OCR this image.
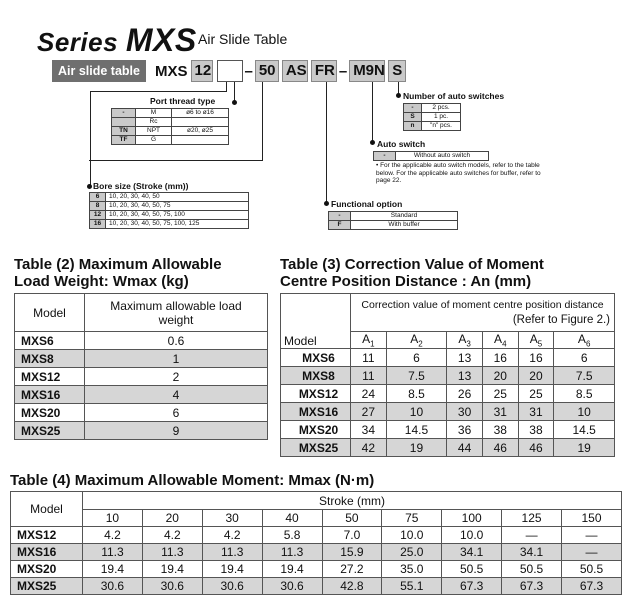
Series MXS Air Slide Table
Air slide table	MXS 12 – 50 AS FR – M9N S
Port thread type
-	M	ø6 to ø16
	Rc	
TN	NPT	ø20, ø25
TF	G	
Bore size (Stroke (mm))
6	10, 20, 30, 40, 50
8	10, 20, 30, 40, 50, 75
12	10, 20, 30, 40, 50, 75, 100
16	10, 20, 30, 40, 50, 75, 100, 125
Functional option
-	Standard
F	With buffer
Number of auto switches
-	2 pcs.
S	1 pc.
n	"n" pcs.
Auto switch
-	Without auto switch
• For the applicable auto switch models, refer to the table below. For the applicable auto switches for buffer, refer to page 22.
Table (2) Maximum Allowable
Load Weight: Wmax (kg)
Model	Maximum allowable load weight
MXS6	0.6
MXS8	1
MXS12	2
MXS16	4
MXS20	6
MXS25	9
Table (3) Correction Value of Moment
Centre Position Distance : An (mm)
Model	Correction value of moment centre position distance
(Refer to Figure 2.)					

	$A_1$	$A_2$	$A_3$	$A_4$	$A_5$	$A_6$
MXS6	11	6	13	16	16	6
MXS8	11	7.5	13	20	20	7.5
MXS12	24	8.5	26	25	25	8.5
MXS16	27	10	30	31	31	10
MXS20	34	14.5	36	38	38	14.5
MXS25	42	19	44	46	46	19
Table (4) Maximum Allowable Moment: Mmax (N·m)
Model	Stroke (mm)								
	10	20	30	40	50	75	100	125	150
MXS12	4.2	4.2	4.2	5.8	7.0	10.0	10.0	—	—
MXS16	11.3	11.3	11.3	11.3	15.9	25.0	34.1	34.1	—
MXS20	19.4	19.4	19.4	19.4	27.2	35.0	50.5	50.5	50.5
MXS25	30.6	30.6	30.6	30.6	42.8	55.1	67.3	67.3	67.3
